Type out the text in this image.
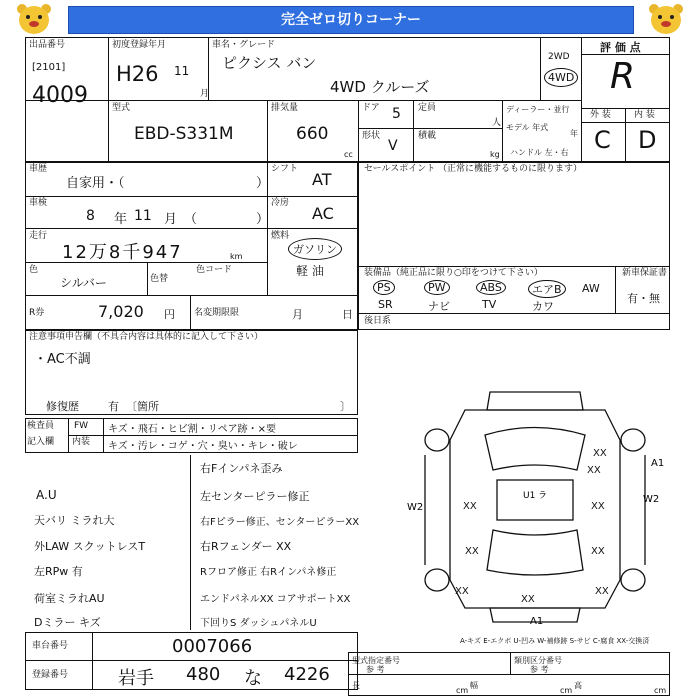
完全ゼロ切りコーナー
出品番号
[2101]
4009
初度登録年月
H26 11
月
車名・グレード
ピクシス バン
4WD クルーズ
2WD
4WD
評 価 点
R
外 装	内 装
C D
型式
EBD-S331M
排気量
660
cc
ドア 5 定員
人
形状
V
積載
kg
ディーラー・並行
モデル 年式
年
ハンドル 左・右
車歴
自家用・（	）
シフト
AT
車検
8 年 11 月 （	）
冷房
AC
走行
12万8千947	km
燃料
ガソリン
軽 油
色
シルバー	色替
色コード
R券	7,020 円 名変期限限	月	日
セールスポイント （正常に機能するものに限ります）
装備品（純正品に限り○印をつけて下さい）	新車保証書
有・無
PS	PW	ABS	エアB	AW
SR	ナビ	TV	カワ
後日系
注意事項申告欄（不具合内容は具体的に記入して下さい）
・AC不調
修復歴	有 〔箇所	〕
検査員
記入欄
FW
内装
キズ・飛石・ヒビ割・リペア跡・×要
キズ・汚レ・コゲ・穴・臭い・キレ・破レ
右Fインパネ歪み
A.U	左センターピラー修正
天バリ ミラれ大	右Fピラー修正、センターピラーXX
外LAW スクットレスT	右Rフェンダー XX
左RPw 有	Rフロア修正 右Rインパネ修正
荷室ミラれAU	エンドパネルXX コアサポートXX
Dミラー キズ	下回りS ダッシュパネルU
XX
XX
XX	XX
XX	XX
XX	XX
XX
U1 ラ
A1
A1
W2
W2
A-キズ E-エクボ U-凹み W-補修跡 S-サビ C-腐食 XX-交換済
車台番号	0007066
登録番号	岩手 480 な 4226
型式指定番号
参 考
類別区分番号
参 考
長
cm
幅
cm
高
cm
